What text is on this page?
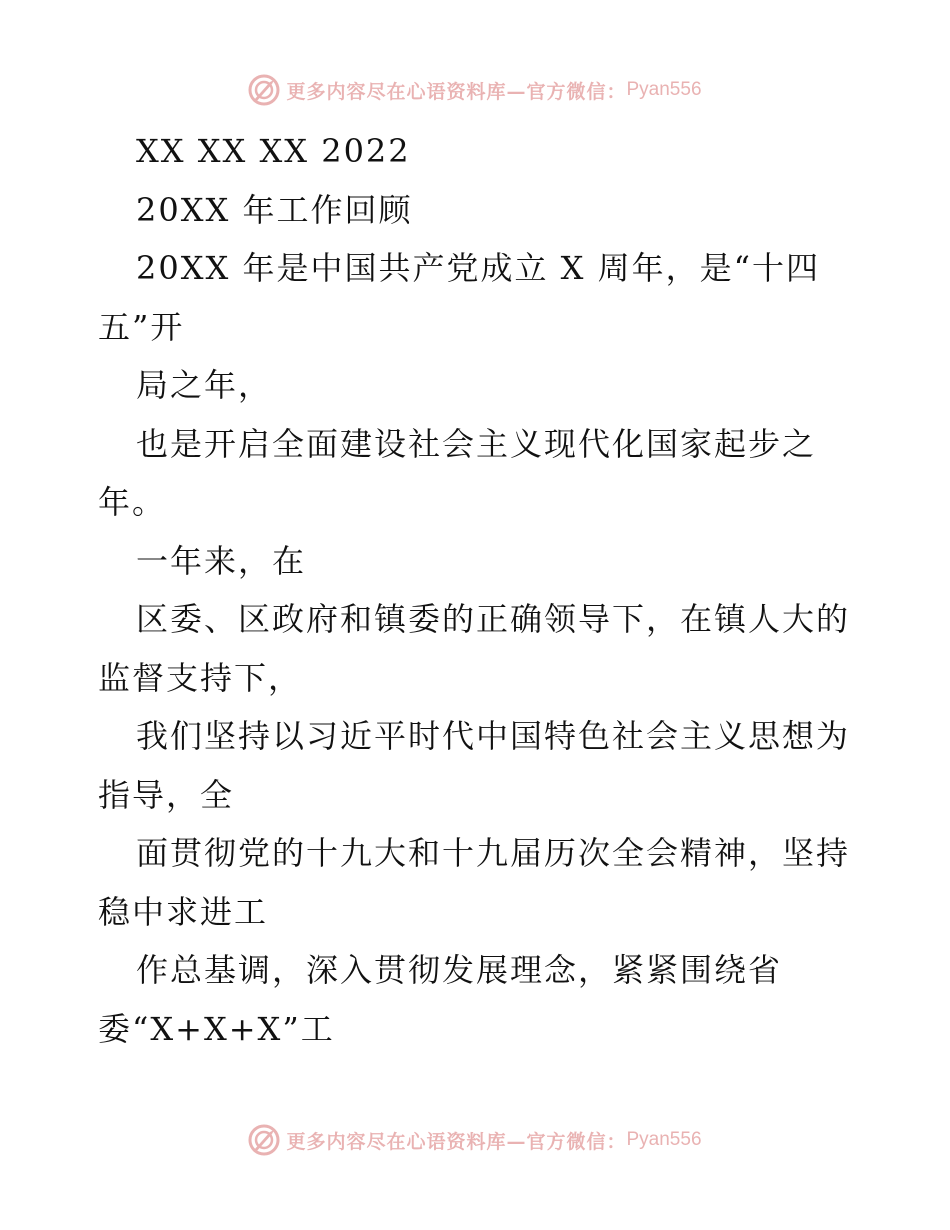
更多内容尽在心语资料库—官方微信： Pyan556
XX XX XX 2022
20XX 年工作回顾
20XX 年是中国共产党成立 X 周年，是“十四
五”开
局之年，
也是开启全面建设社会主义现代化国家起步之
年。
一年来，在
区委、区政府和镇委的正确领导下，在镇人大的
监督支持下，
我们坚持以习近平时代中国特色社会主义思想为
指导，全
面贯彻党的十九大和十九届历次全会精神，坚持
稳中求进工
作总基调，深入贯彻发展理念，紧紧围绕省
委“X+X+X”工
更多内容尽在心语资料库—官方微信： Pyan556
